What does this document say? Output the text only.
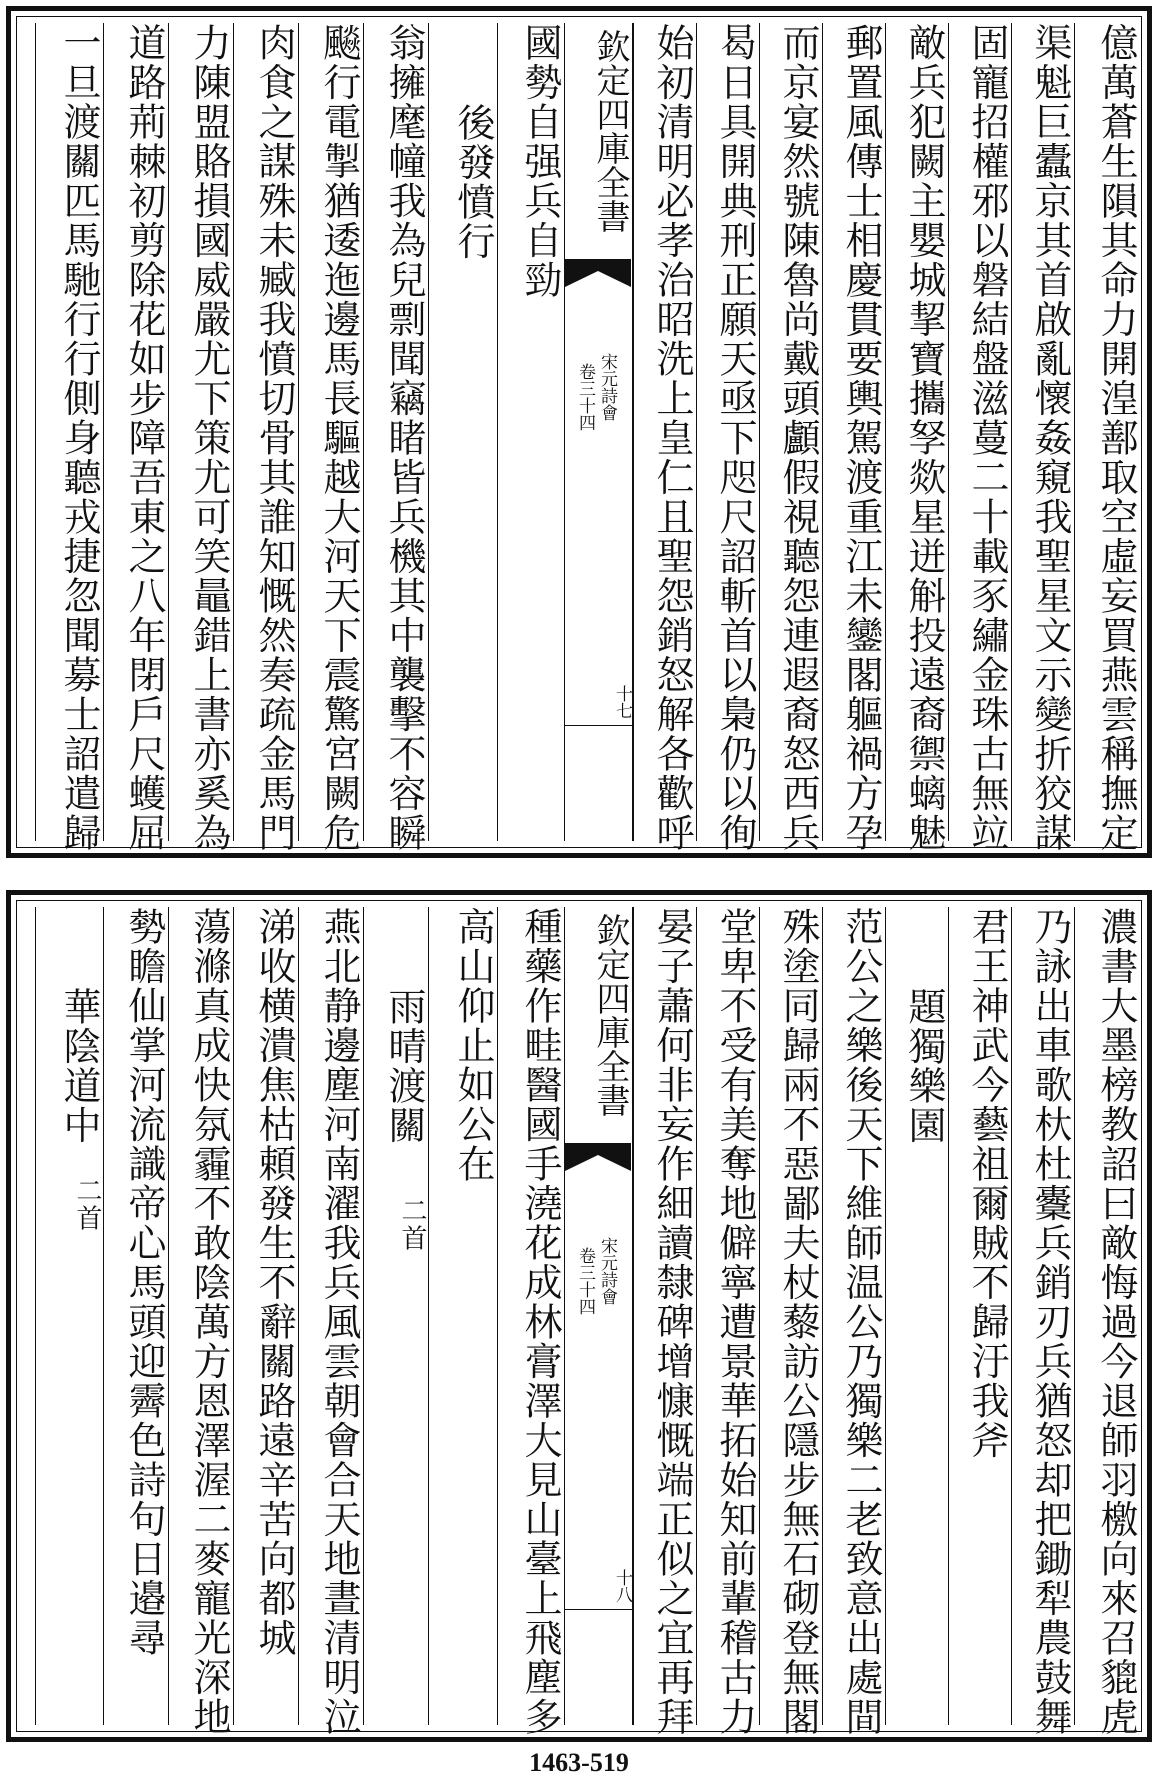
億萬蒼生隕其命力開湟鄯取空虛妄買燕雲稱撫定
渠魁巨蠹京其首啟亂懷姦窺我聖星文示變折狡謀
固寵招權邪以磐結盤滋蔓二十載豕繡金珠古無竝
敵兵犯闕主嬰城挈寶攜孥欻星迸斛投遠裔禦螭魅
郵置風傳士相慶貫要輿駕渡重江未鑾閣軀禍方孕
而京宴然號陳魯尚戴頭顱假視聽怨連遐裔怒西兵
曷日具開典刑正願天亟下咫尺詔斬首以梟仍以徇
始初清明必孝治昭洗上皇仁且聖怨銷怒解各歡呼
欽定四庫全書
宋元詩會
卷三十四
十七
國勢自强兵自勁
後發憤行
翁擁麾幢我為兒剽聞竊睹皆兵機其中襲擊不容瞬
飈行電掣猶逶迤邊馬長驅越大河天下震驚宮闕危
肉食之謀殊未臧我憤切骨其誰知慨然奏疏金馬門
力陳盟賂損國威嚴尤下策尤可笑鼂錯上書亦奚為
道路荊棘初剪除花如步障吾東之八年閉戶尺蠖屈
一旦渡關匹馬馳行行側身聽戎捷忽聞募士詔遣歸
濃書大墨榜教詔曰敵悔過今退師羽檄向來召貔虎
乃詠出車歌杕杜櫜兵銷刃兵猶怒却把鋤犁農鼓舞
君王神武今藝祖爾賊不歸汙我斧
題獨樂園
范公之樂後天下維師温公乃獨樂二老致意出處間
殊塗同歸兩不惡鄙夫杖藜訪公隱步無石砌登無閣
堂卑不受有美奪地僻寧遭景華拓始知前輩稽古力
晏子蕭何非妄作細讀隸碑增慷慨端正似之宜再拜
欽定四庫全書
宋元詩會
卷三十四
十八
種藥作畦醫國手澆花成林膏澤大見山臺上飛塵多
高山仰止如公在
雨晴渡關
二首
燕北静邊塵河南濯我兵風雲朝會合天地晝清明泣
涕收横潰焦枯頼發生不辭關路遠辛苦向都城
蕩滌真成快氛霾不敢陰萬方恩澤渥二麥寵光深地
勢瞻仙掌河流識帝心馬頭迎霽色詩句日邉尋
華陰道中
二首
1463-519
